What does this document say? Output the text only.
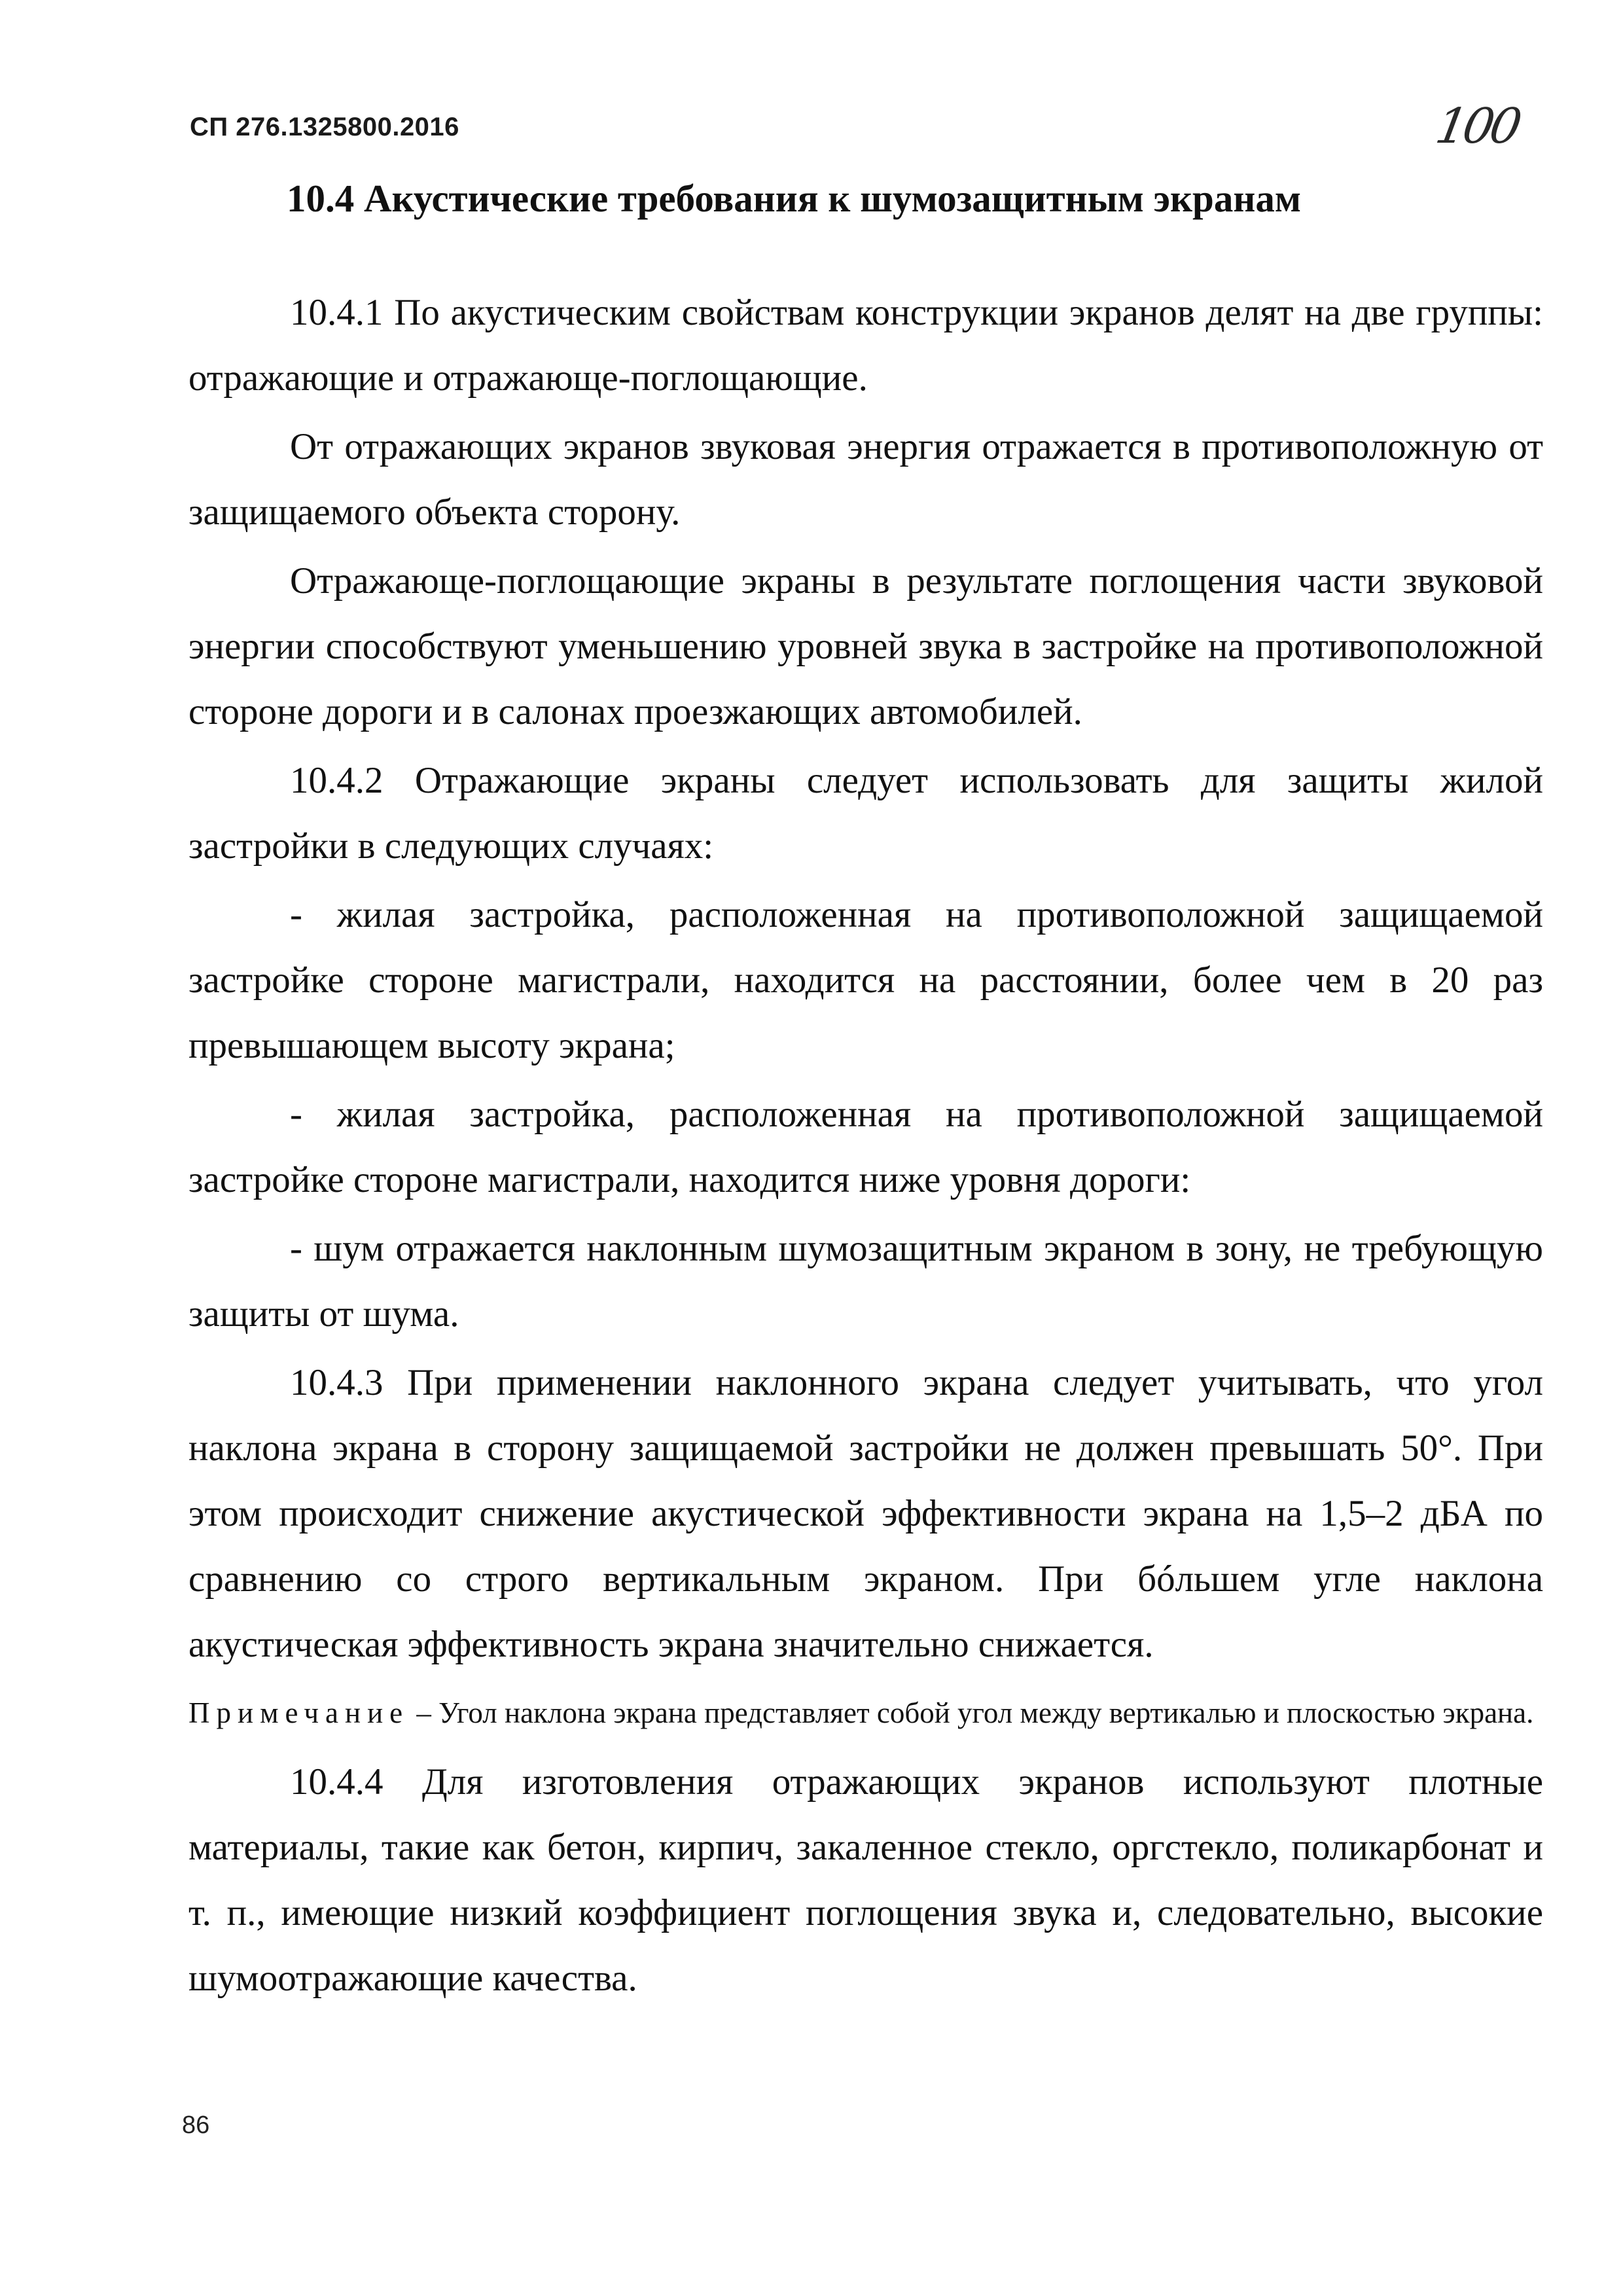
СП 276.1325800.2016	100
10.4 Акустические требования к шумозащитным экранам

10.4.1 По акустическим свойствам конструкции экранов делят на две группы: отражающие и отражающе-поглощающие.

От отражающих экранов звуковая энергия отражается в противоположную от защищаемого объекта сторону.

Отражающе-поглощающие экраны в результате поглощения части звуковой энергии способствуют уменьшению уровней звука в застройке на противоположной стороне дороги и в салонах проезжающих автомобилей.

10.4.2 Отражающие экраны следует использовать для защиты жилой застройки в следующих случаях:

- жилая застройка, расположенная на противоположной защищаемой застройке стороне магистрали, находится на расстоянии, более чем в 20 раз превышающем высоту экрана;

- жилая застройка, расположенная на противоположной защищаемой застройке стороне магистрали, находится ниже уровня дороги:

- шум отражается наклонным шумозащитным экраном в зону, не требующую защиты от шума.

10.4.3 При применении наклонного экрана следует учитывать, что угол наклона экрана в сторону защищаемой застройки не должен превышать 50°. При этом происходит снижение акустической эффективности экрана на 1,5–2 дБА по сравнению со строго вертикальным экраном. При бóльшем угле наклона акустическая эффективность экрана значительно снижается.

Примечание – Угол наклона экрана представляет собой угол между вертикалью и плоскостью экрана.

10.4.4 Для изготовления отражающих экранов используют плотные материалы, такие как бетон, кирпич, закаленное стекло, оргстекло, поликарбонат и т. п., имеющие низкий коэффициент поглощения звука и, следовательно, высокие шумоотражающие качества.

86
